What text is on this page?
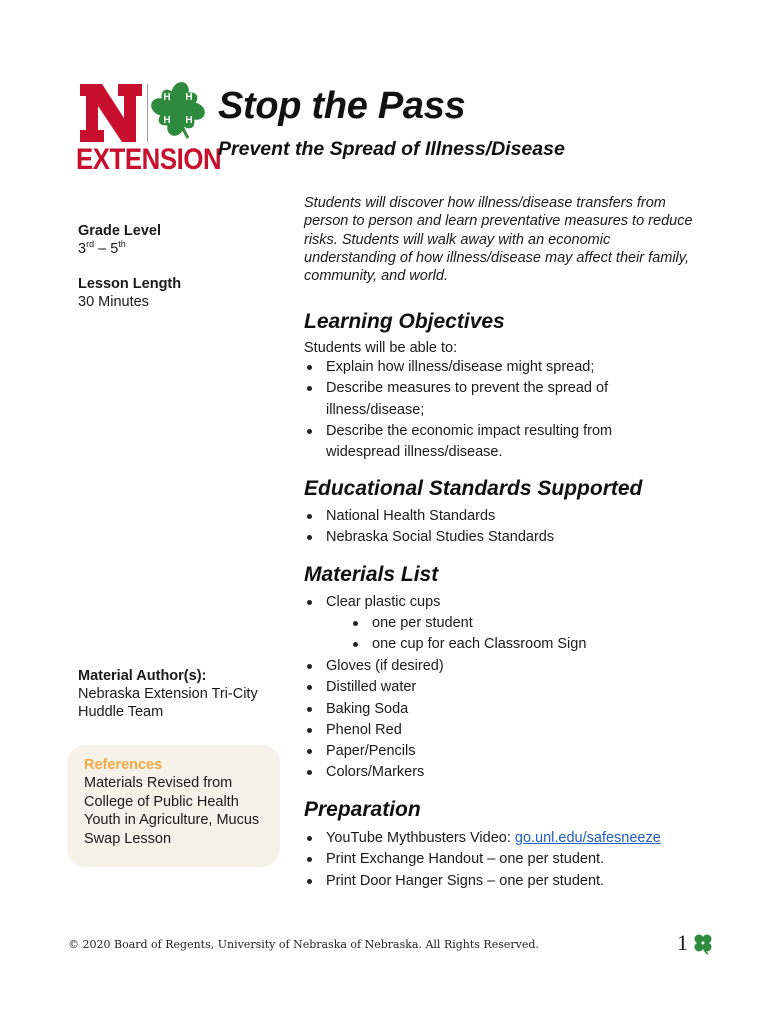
H H
H H
EXTENSION
Stop the Pass
Prevent the Spread of Illness/Disease
Grade Level
3rd – 5th
Lesson Length
30 Minutes
Material Author(s):
Nebraska Extension Tri-City Huddle Team
References
Materials Revised from College of Public Health Youth in Agriculture, Mucus Swap Lesson
Students will discover how illness/disease transfers from person to person and learn preventative measures to reduce risks. Students will walk away with an economic understanding of how illness/disease may affect their family, community, and world.
Learning Objectives
Students will be able to:
Explain how illness/disease might spread;
Describe measures to prevent the spread of illness/disease;
Describe the economic impact resulting from widespread illness/disease.
Educational Standards Supported
National Health Standards
Nebraska Social Studies Standards
Materials List
Clear plastic cups
one per student
one cup for each Classroom Sign
Gloves (if desired)
Distilled water
Baking Soda
Phenol Red
Paper/Pencils
Colors/Markers
Preparation
YouTube Mythbusters Video: go.unl.edu/safesneeze
Print Exchange Handout – one per student.
Print Door Hanger Signs – one per student.
© 2020 Board of Regents, University of Nebraska of Nebraska. All Rights Reserved.	1
